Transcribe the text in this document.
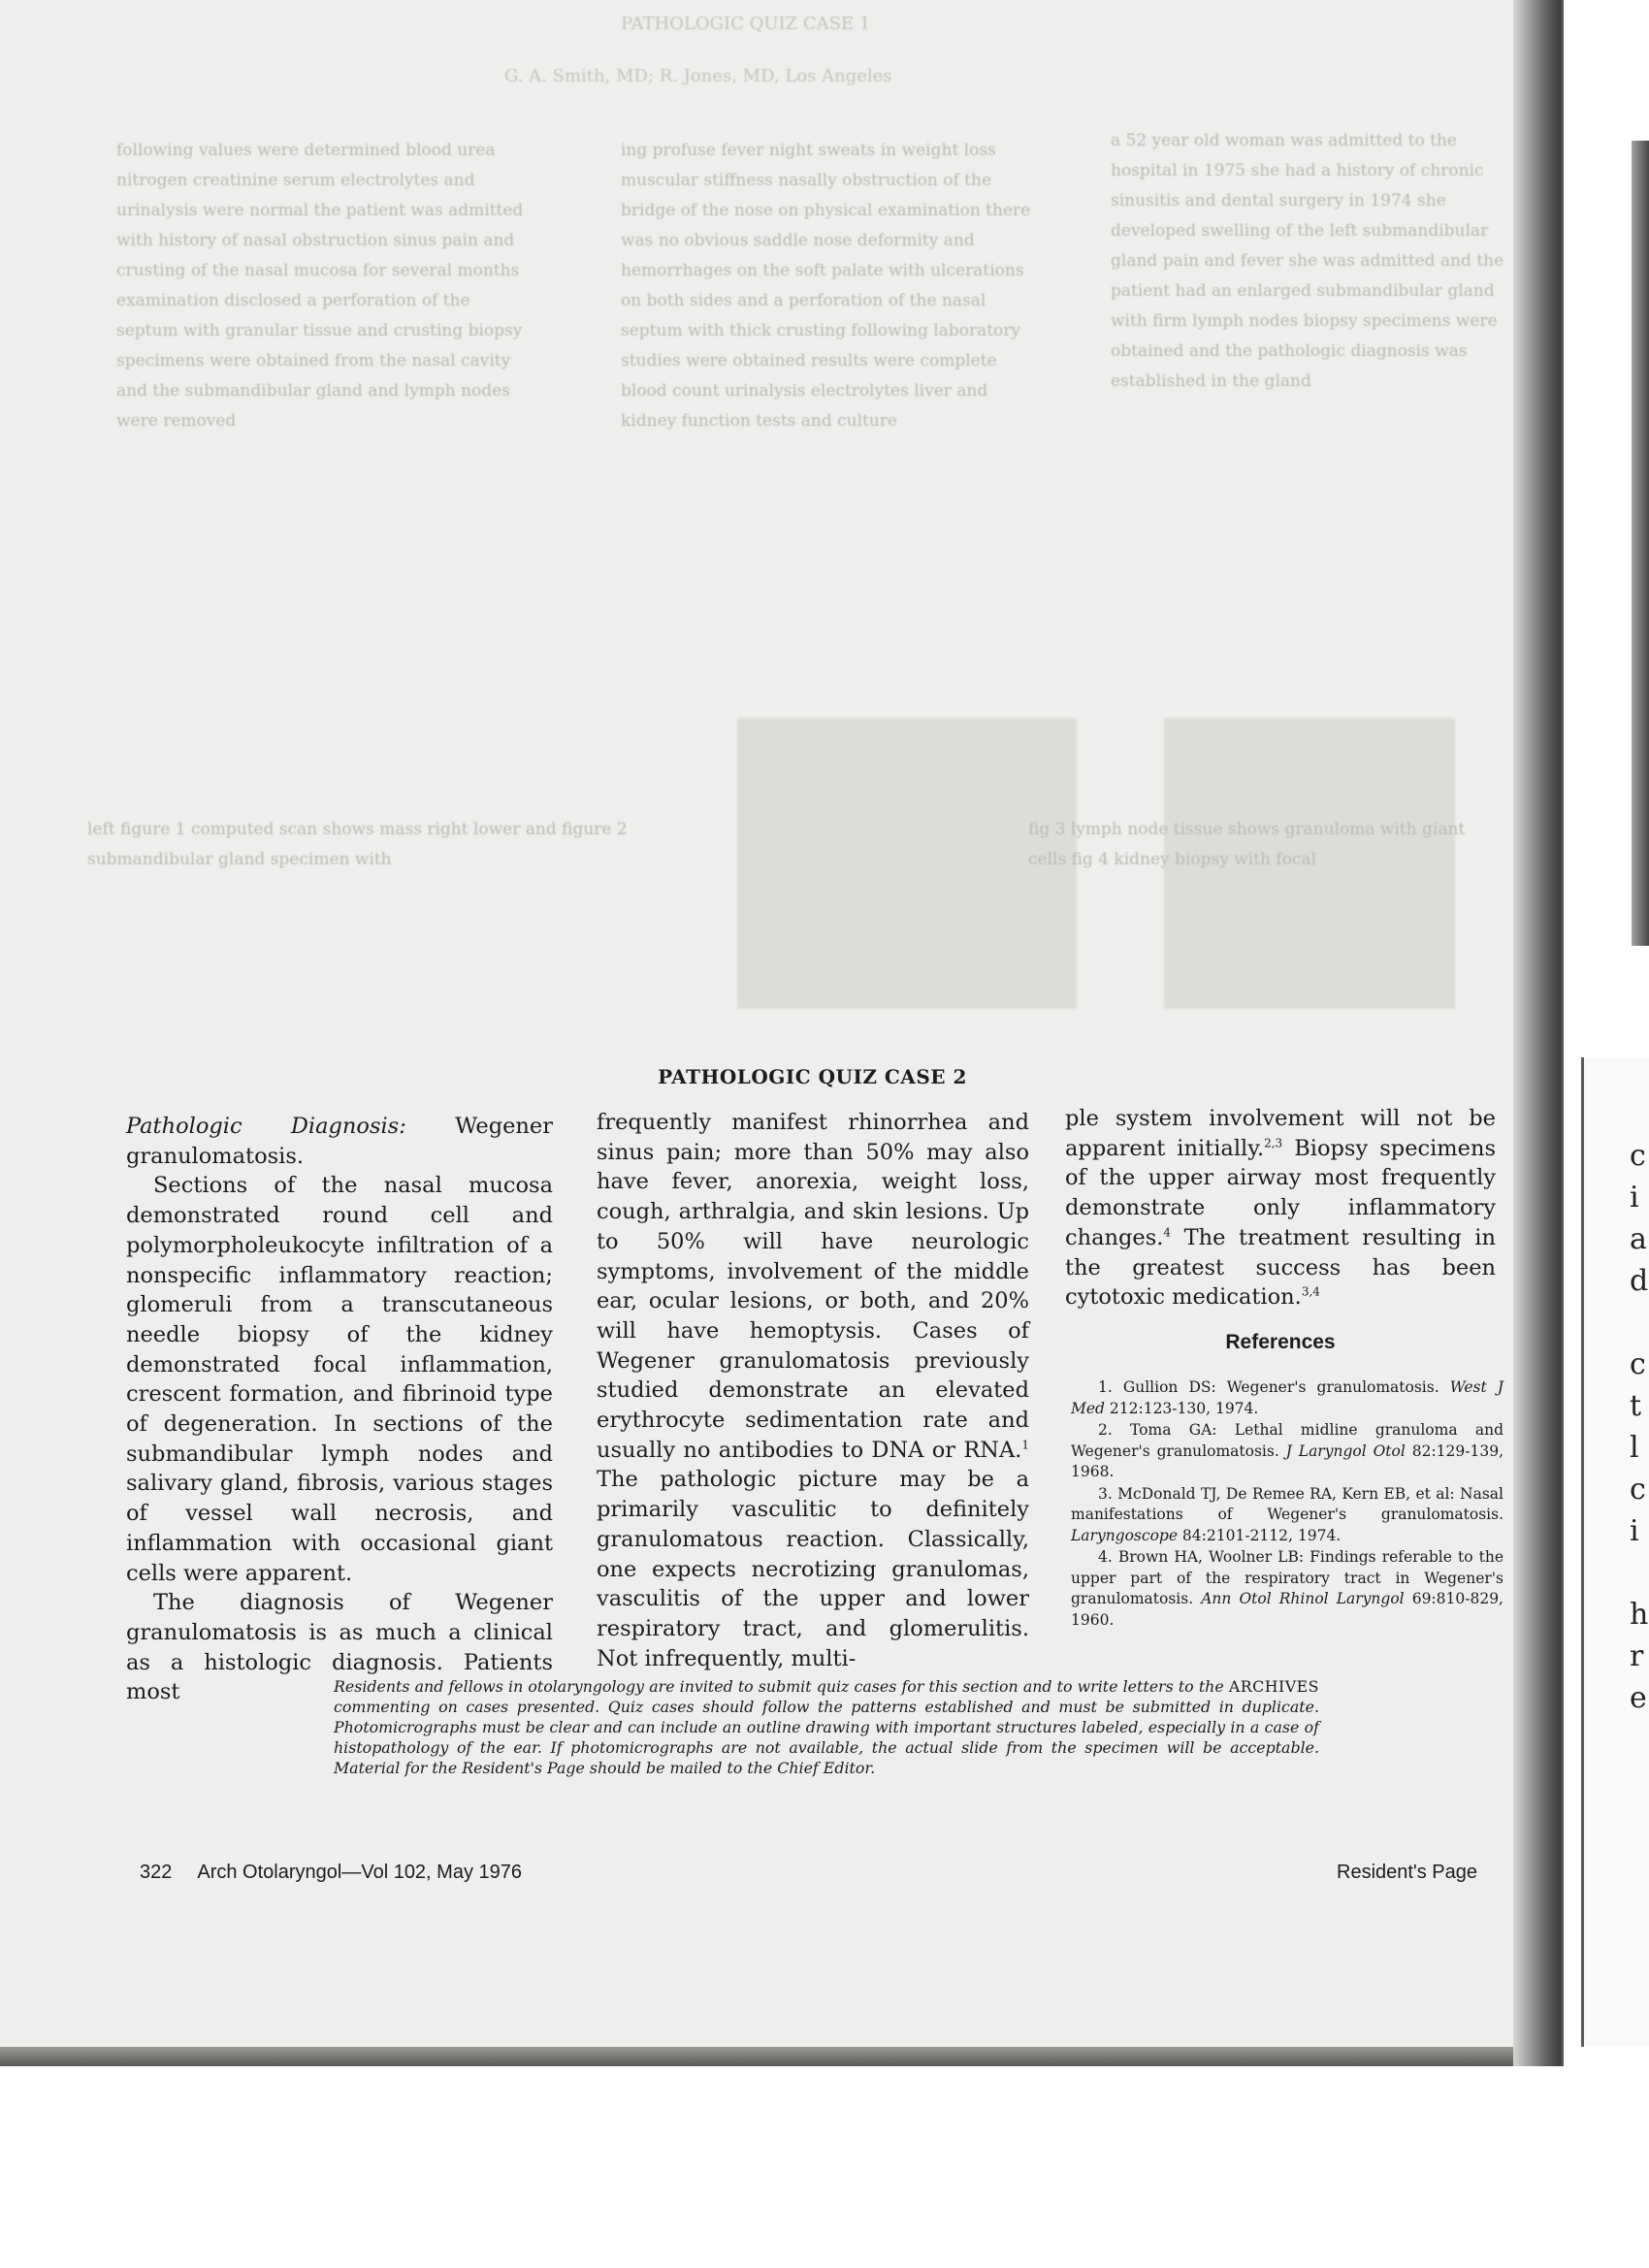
PATHOLOGIC QUIZ CASE 1
G. A. Smith, MD; R. Jones, MD, Los Angeles
following values were determined blood urea nitrogen creatinine serum electrolytes and urinalysis were normal the patient was admitted with history of nasal obstruction sinus pain and crusting of the nasal mucosa for several months examination disclosed a perforation of the septum with granular tissue and crusting biopsy specimens were obtained from the nasal cavity and the submandibular gland and lymph nodes were removed
ing profuse fever night sweats in weight loss muscular stiffness nasally obstruction of the bridge of the nose on physical examination there was no obvious saddle nose deformity and hemorrhages on the soft palate with ulcerations on both sides and a perforation of the nasal septum with thick crusting following laboratory studies were obtained results were complete blood count urinalysis electrolytes liver and kidney function tests and culture
a 52 year old woman was admitted to the hospital in 1975 she had a history of chronic sinusitis and dental surgery in 1974 she developed swelling of the left submandibular gland pain and fever she was admitted and the patient had an enlarged submandibular gland with firm lymph nodes biopsy specimens were obtained and the pathologic diagnosis was established in the gland
left figure 1 computed scan shows mass right lower and figure 2 submandibular gland specimen with
fig 3 lymph node tissue shows granuloma with giant cells fig 4 kidney biopsy with focal
PATHOLOGIC QUIZ CASE 2

Pathologic Diagnosis: Wegener granulomatosis.

Sections of the nasal mucosa demonstrated round cell and polymorpholeukocyte infiltration of a nonspecific inflammatory reaction; glomeruli from a transcutaneous needle biopsy of the kidney demonstrated focal inflammation, crescent formation, and fibrinoid type of degeneration. In sections of the submandibular lymph nodes and salivary gland, fibrosis, various stages of vessel wall necrosis, and inflammation with occasional giant cells were apparent.

The diagnosis of Wegener granulomatosis is as much a clinical as a histologic diagnosis. Patients most

frequently manifest rhinorrhea and sinus pain; more than 50% may also have fever, anorexia, weight loss, cough, arthralgia, and skin lesions. Up to 50% will have neurologic symptoms, involvement of the middle ear, ocular lesions, or both, and 20% will have hemoptysis. Cases of Wegener granulomatosis previously studied demonstrate an elevated erythrocyte sedimentation rate and usually no antibodies to DNA or RNA.$^1$ The pathologic picture may be a primarily vasculitic to definitely granulomatous reaction. Classically, one expects necrotizing granulomas, vasculitis of the upper and lower respiratory tract, and glomerulitis. Not infrequently, multi-

ple system involvement will not be apparent initially.$^{2,3}$ Biopsy specimens of the upper airway most frequently demonstrate only inflammatory changes.$^4$ The treatment resulting in the greatest success has been cytotoxic medication.$^{3,4}$

References
1. Gullion DS: Wegener's granulomatosis. West J Med 212:123-130, 1974.
2. Toma GA: Lethal midline granuloma and Wegener's granulomatosis. J Laryngol Otol 82:129-139, 1968.
3. McDonald TJ, De Remee RA, Kern EB, et al: Nasal manifestations of Wegener's granulomatosis. Laryngoscope 84:2101-2112, 1974.
4. Brown HA, Woolner LB: Findings referable to the upper part of the respiratory tract in Wegener's granulomatosis. Ann Otol Rhinol Laryngol 69:810-829, 1960.
Residents and fellows in otolaryngology are invited to submit quiz cases for this section and to write letters to the ARCHIVES commenting on cases presented. Quiz cases should follow the patterns established and must be submitted in duplicate. Photomicrographs must be clear and can include an outline drawing with important structures labeled, especially in a case of histopathology of the ear. If photomicrographs are not available, the actual slide from the specimen will be acceptable. Material for the Resident's Page should be mailed to the Chief Editor.
322 Arch Otolaryngol—Vol 102, May 1976	Resident's Page
c
i
a
d
c
t
l
c
i
h
r
e
